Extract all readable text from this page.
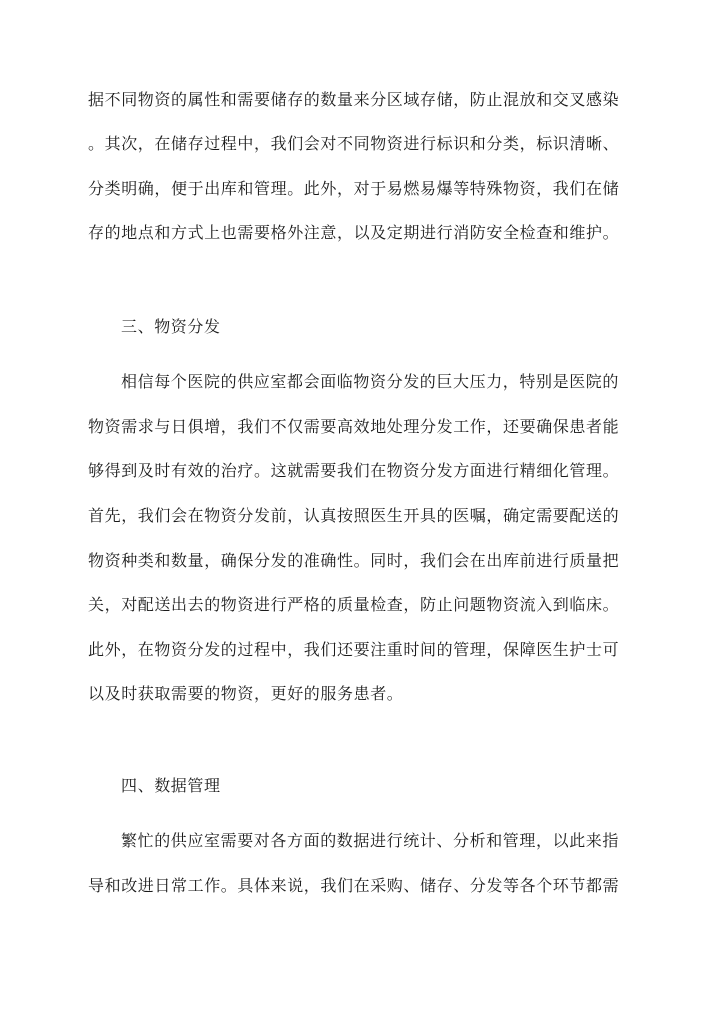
据不同物资的属性和需要储存的数量来分区域存储，防止混放和交叉感染
。其次，在储存过程中，我们会对不同物资进行标识和分类，标识清晰、
分类明确，便于出库和管理。此外，对于易燃易爆等特殊物资，我们在储
存的地点和方式上也需要格外注意，以及定期进行消防安全检查和维护。
三、物资分发
相信每个医院的供应室都会面临物资分发的巨大压力，特别是医院的
物资需求与日俱增，我们不仅需要高效地处理分发工作，还要确保患者能
够得到及时有效的治疗。这就需要我们在物资分发方面进行精细化管理。
首先，我们会在物资分发前，认真按照医生开具的医嘱，确定需要配送的
物资种类和数量，确保分发的准确性。同时，我们会在出库前进行质量把
关，对配送出去的物资进行严格的质量检查，防止问题物资流入到临床。
此外，在物资分发的过程中，我们还要注重时间的管理，保障医生护士可
以及时获取需要的物资，更好的服务患者。
四、数据管理
繁忙的供应室需要对各方面的数据进行统计、分析和管理，以此来指
导和改进日常工作。具体来说，我们在采购、储存、分发等各个环节都需
